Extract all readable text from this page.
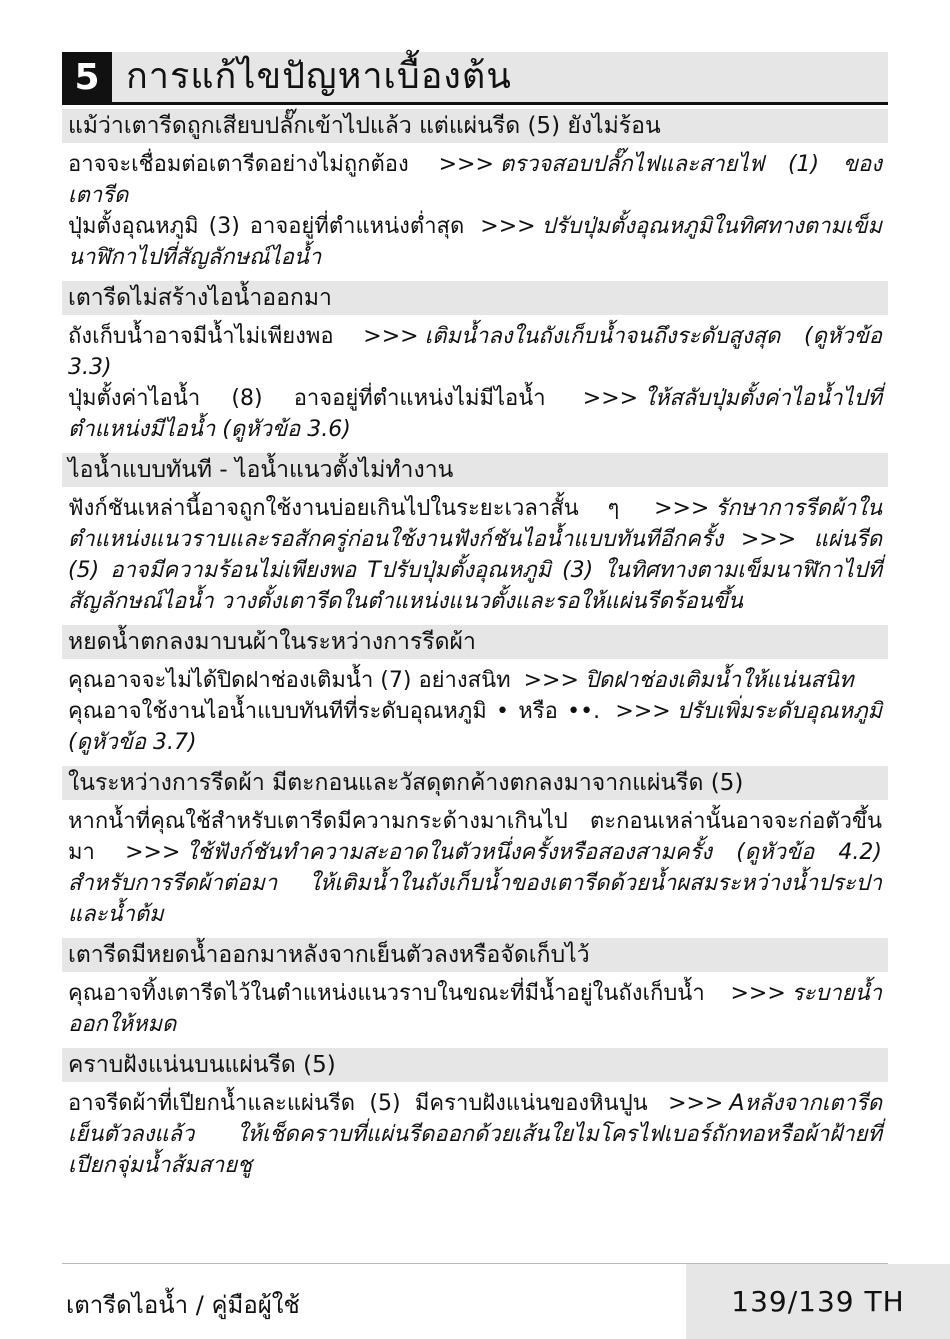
5 การแก้ไขปัญหาเบื้องต้น
แม้ว่าเตารีดถูกเสียบปลั๊กเข้าไปแล้ว แต่แผ่นรีด (5) ยังไม่ร้อน
อาจจะเชื่อมต่อเตารีดอย่างไม่ถูกต้อง >>> ตรวจสอบปลั๊กไฟและสายไฟ (1) ของเตารีด
ปุ่มตั้งอุณหภูมิ (3) อาจอยู่ที่ตำแหน่งต่ำสุด >>> ปรับปุ่มตั้งอุณหภูมิในทิศทางตามเข็มนาฬิกาไปที่สัญลักษณ์ไอน้ำ
เตารีดไม่สร้างไอน้ำออกมา
ถังเก็บน้ำอาจมีน้ำไม่เพียงพอ >>> เติมน้ำลงในถังเก็บน้ำจนถึงระดับสูงสุด (ดูหัวข้อ 3.3)
ปุ่มตั้งค่าไอน้ำ (8) อาจอยู่ที่ตำแหน่งไม่มีไอน้ำ >>> ให้สลับปุ่มตั้งค่าไอน้ำไปที่ตำแหน่งมีไอน้ำ (ดูหัวข้อ 3.6)
ไอน้ำแบบทันที - ไอน้ำแนวตั้งไม่ทำงาน
ฟังก์ชันเหล่านี้อาจถูกใช้งานบ่อยเกินไปในระยะเวลาสั้น ๆ >>> รักษาการรีดผ้าในตำแหน่งแนวราบและรอสักครู่ก่อนใช้งานฟังก์ชันไอน้ำแบบทันทีอีกครั้ง >>> แผ่นรีด (5) อาจมีความร้อนไม่เพียงพอ Tปรับปุ่มตั้งอุณหภูมิ (3) ในทิศทางตามเข็มนาฬิกาไปที่สัญลักษณ์ไอน้ำ วางตั้งเตารีดในตำแหน่งแนวตั้งและรอให้แผ่นรีดร้อนขึ้น
หยดน้ำตกลงมาบนผ้าในระหว่างการรีดผ้า
คุณอาจจะไม่ได้ปิดฝาช่องเติมน้ำ (7) อย่างสนิท >>> ปิดฝาช่องเติมน้ำให้แน่นสนิท
คุณอาจใช้งานไอน้ำแบบทันทีที่ระดับอุณหภูมิ • หรือ ••. >>> ปรับเพิ่มระดับอุณหภูมิ (ดูหัวข้อ 3.7)
ในระหว่างการรีดผ้า มีตะกอนและวัสดุตกค้างตกลงมาจากแผ่นรีด (5)
หากน้ำที่คุณใช้สำหรับเตารีดมีความกระด้างมาเกินไป ตะกอนเหล่านั้นอาจจะก่อตัวขึ้นมา >>> ใช้ฟังก์ชันทำความสะอาดในตัวหนึ่งครั้งหรือสองสามครั้ง (ดูหัวข้อ 4.2) สำหรับการรีดผ้าต่อมา ให้เติมน้ำในถังเก็บน้ำของเตารีดด้วยน้ำผสมระหว่างน้ำประปาและน้ำต้ม
เตารีดมีหยดน้ำออกมาหลังจากเย็นตัวลงหรือจัดเก็บไว้
คุณอาจทิ้งเตารีดไว้ในตำแหน่งแนวราบในขณะที่มีน้ำอยู่ในถังเก็บน้ำ >>> ระบายน้ำออกให้หมด
คราบฝังแน่นบนแผ่นรีด (5)
อาจรีดผ้าที่เปียกน้ำและแผ่นรีด (5) มีคราบฝังแน่นของหินปูน >>> Aหลังจากเตารีดเย็นตัวลงแล้ว ให้เช็ดคราบที่แผ่นรีดออกด้วยเส้นใยไมโครไฟเบอร์ถักทอหรือผ้าฝ้ายที่เปียกจุ่มน้ำส้มสายชู
เตารีดไอน้ำ / คู่มือผู้ใช้	139/139 TH
